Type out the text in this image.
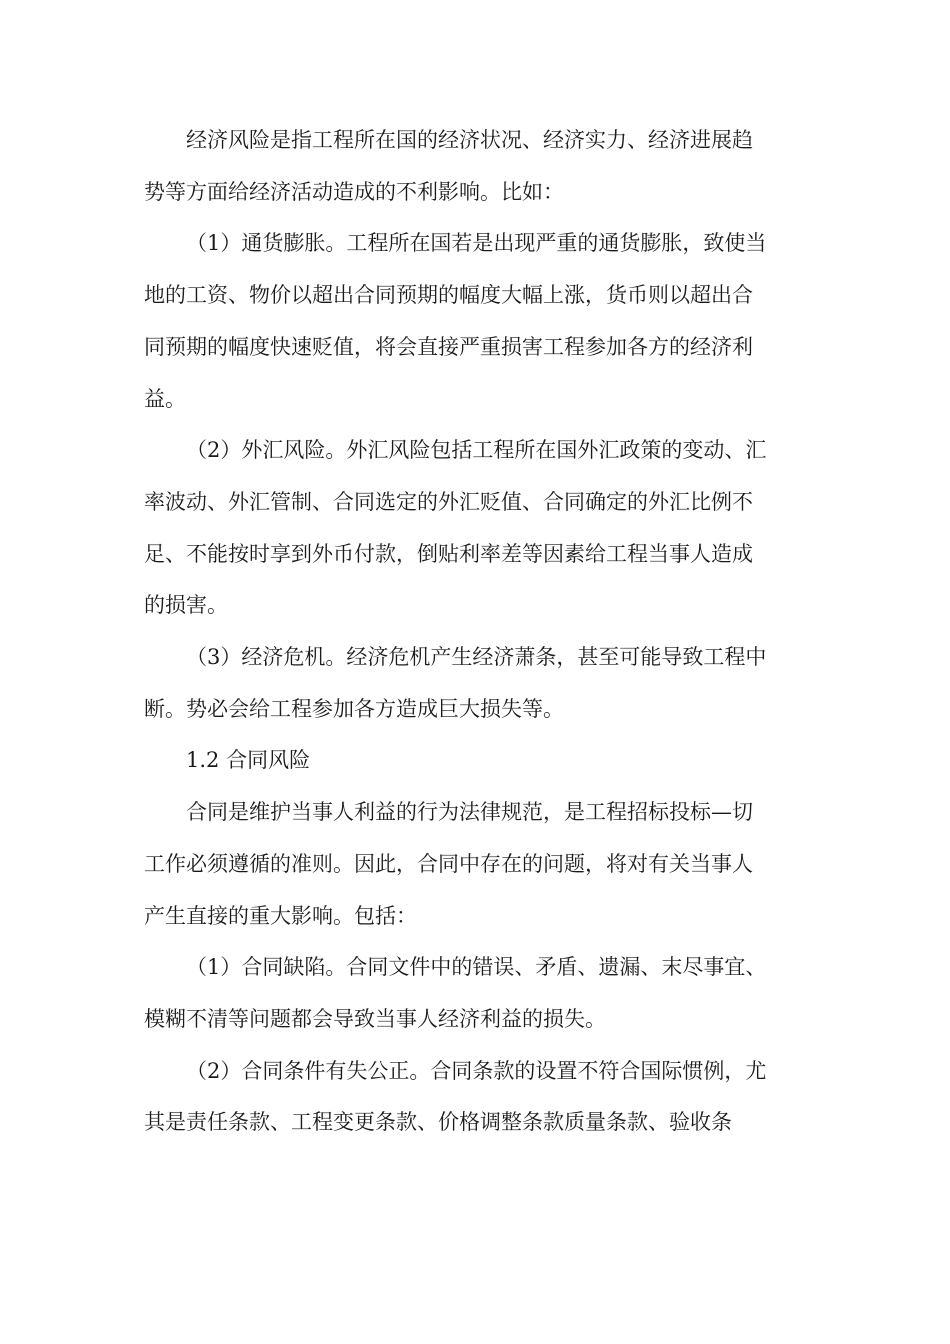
经济风险是指工程所在国的经济状况、经济实力、经济进展趋
势等方面给经济活动造成的不利影响。比如：

（1）通货膨胀。工程所在国若是出现严重的通货膨胀，致使当
地的工资、物价以超出合同预期的幅度大幅上涨，货币则以超出合
同预期的幅度快速贬值，将会直接严重损害工程参加各方的经济利
益。

（2）外汇风险。外汇风险包括工程所在国外汇政策的变动、汇
率波动、外汇管制、合同选定的外汇贬值、合同确定的外汇比例不
足、不能按时享到外币付款，倒贴利率差等因素给工程当事人造成
的损害。

（3）经济危机。经济危机产生经济萧条，甚至可能导致工程中
断。势必会给工程参加各方造成巨大损失等。

1.2 合同风险

合同是维护当事人利益的行为法律规范，是工程招标投标—切
工作必须遵循的准则。因此，合同中存在的问题，将对有关当事人
产生直接的重大影响。包括：

（1）合同缺陷。合同文件中的错误、矛盾、遗漏、末尽事宜、
模糊不清等问题都会导致当事人经济利益的损失。

（2）合同条件有失公正。合同条款的设置不符合国际惯例，尤
其是责任条款、工程变更条款、价格调整条款质量条款、验收条
